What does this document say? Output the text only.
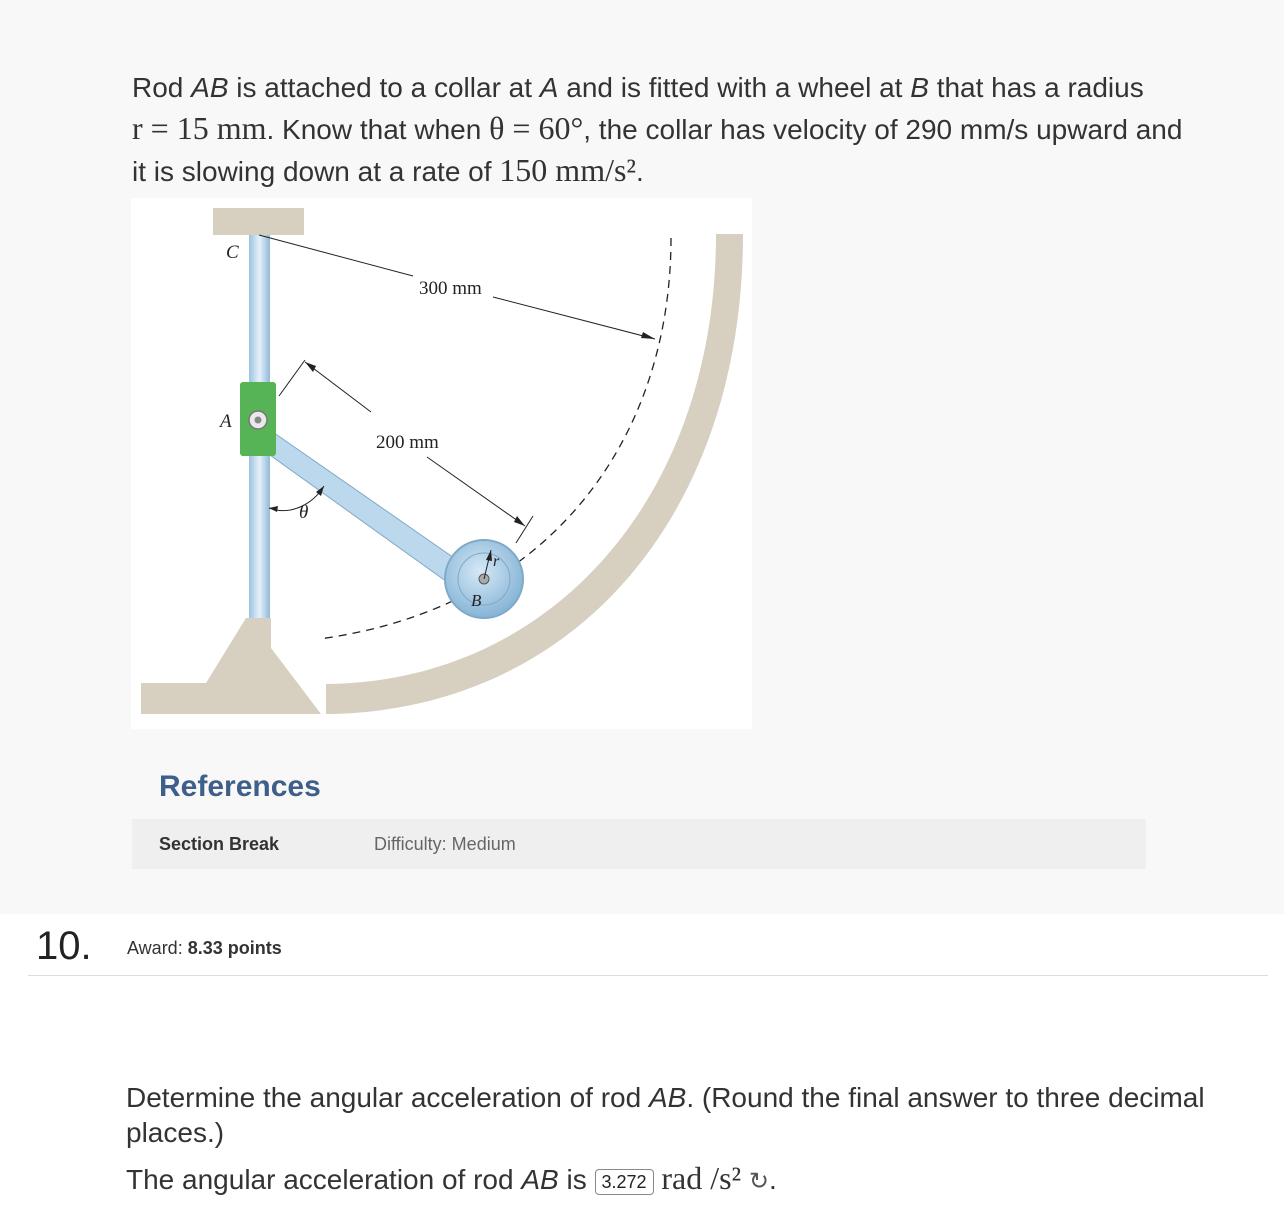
Rod AB is attached to a collar at A and is fitted with a wheel at B that has a radius
r = 15 mm. Know that when θ = 60°, the collar has velocity of 290 mm/s upward and
it is slowing down at a rate of 150 mm/s².
300 mm
200 mm
C
A
B
r
θ
References
Section Break	Difficulty: Medium
10. Award: 8.33 points
Determine the angular acceleration of rod AB. (Round the final answer to three decimal places.)
The angular acceleration of rod AB is 3.272 rad /s² ↻.
